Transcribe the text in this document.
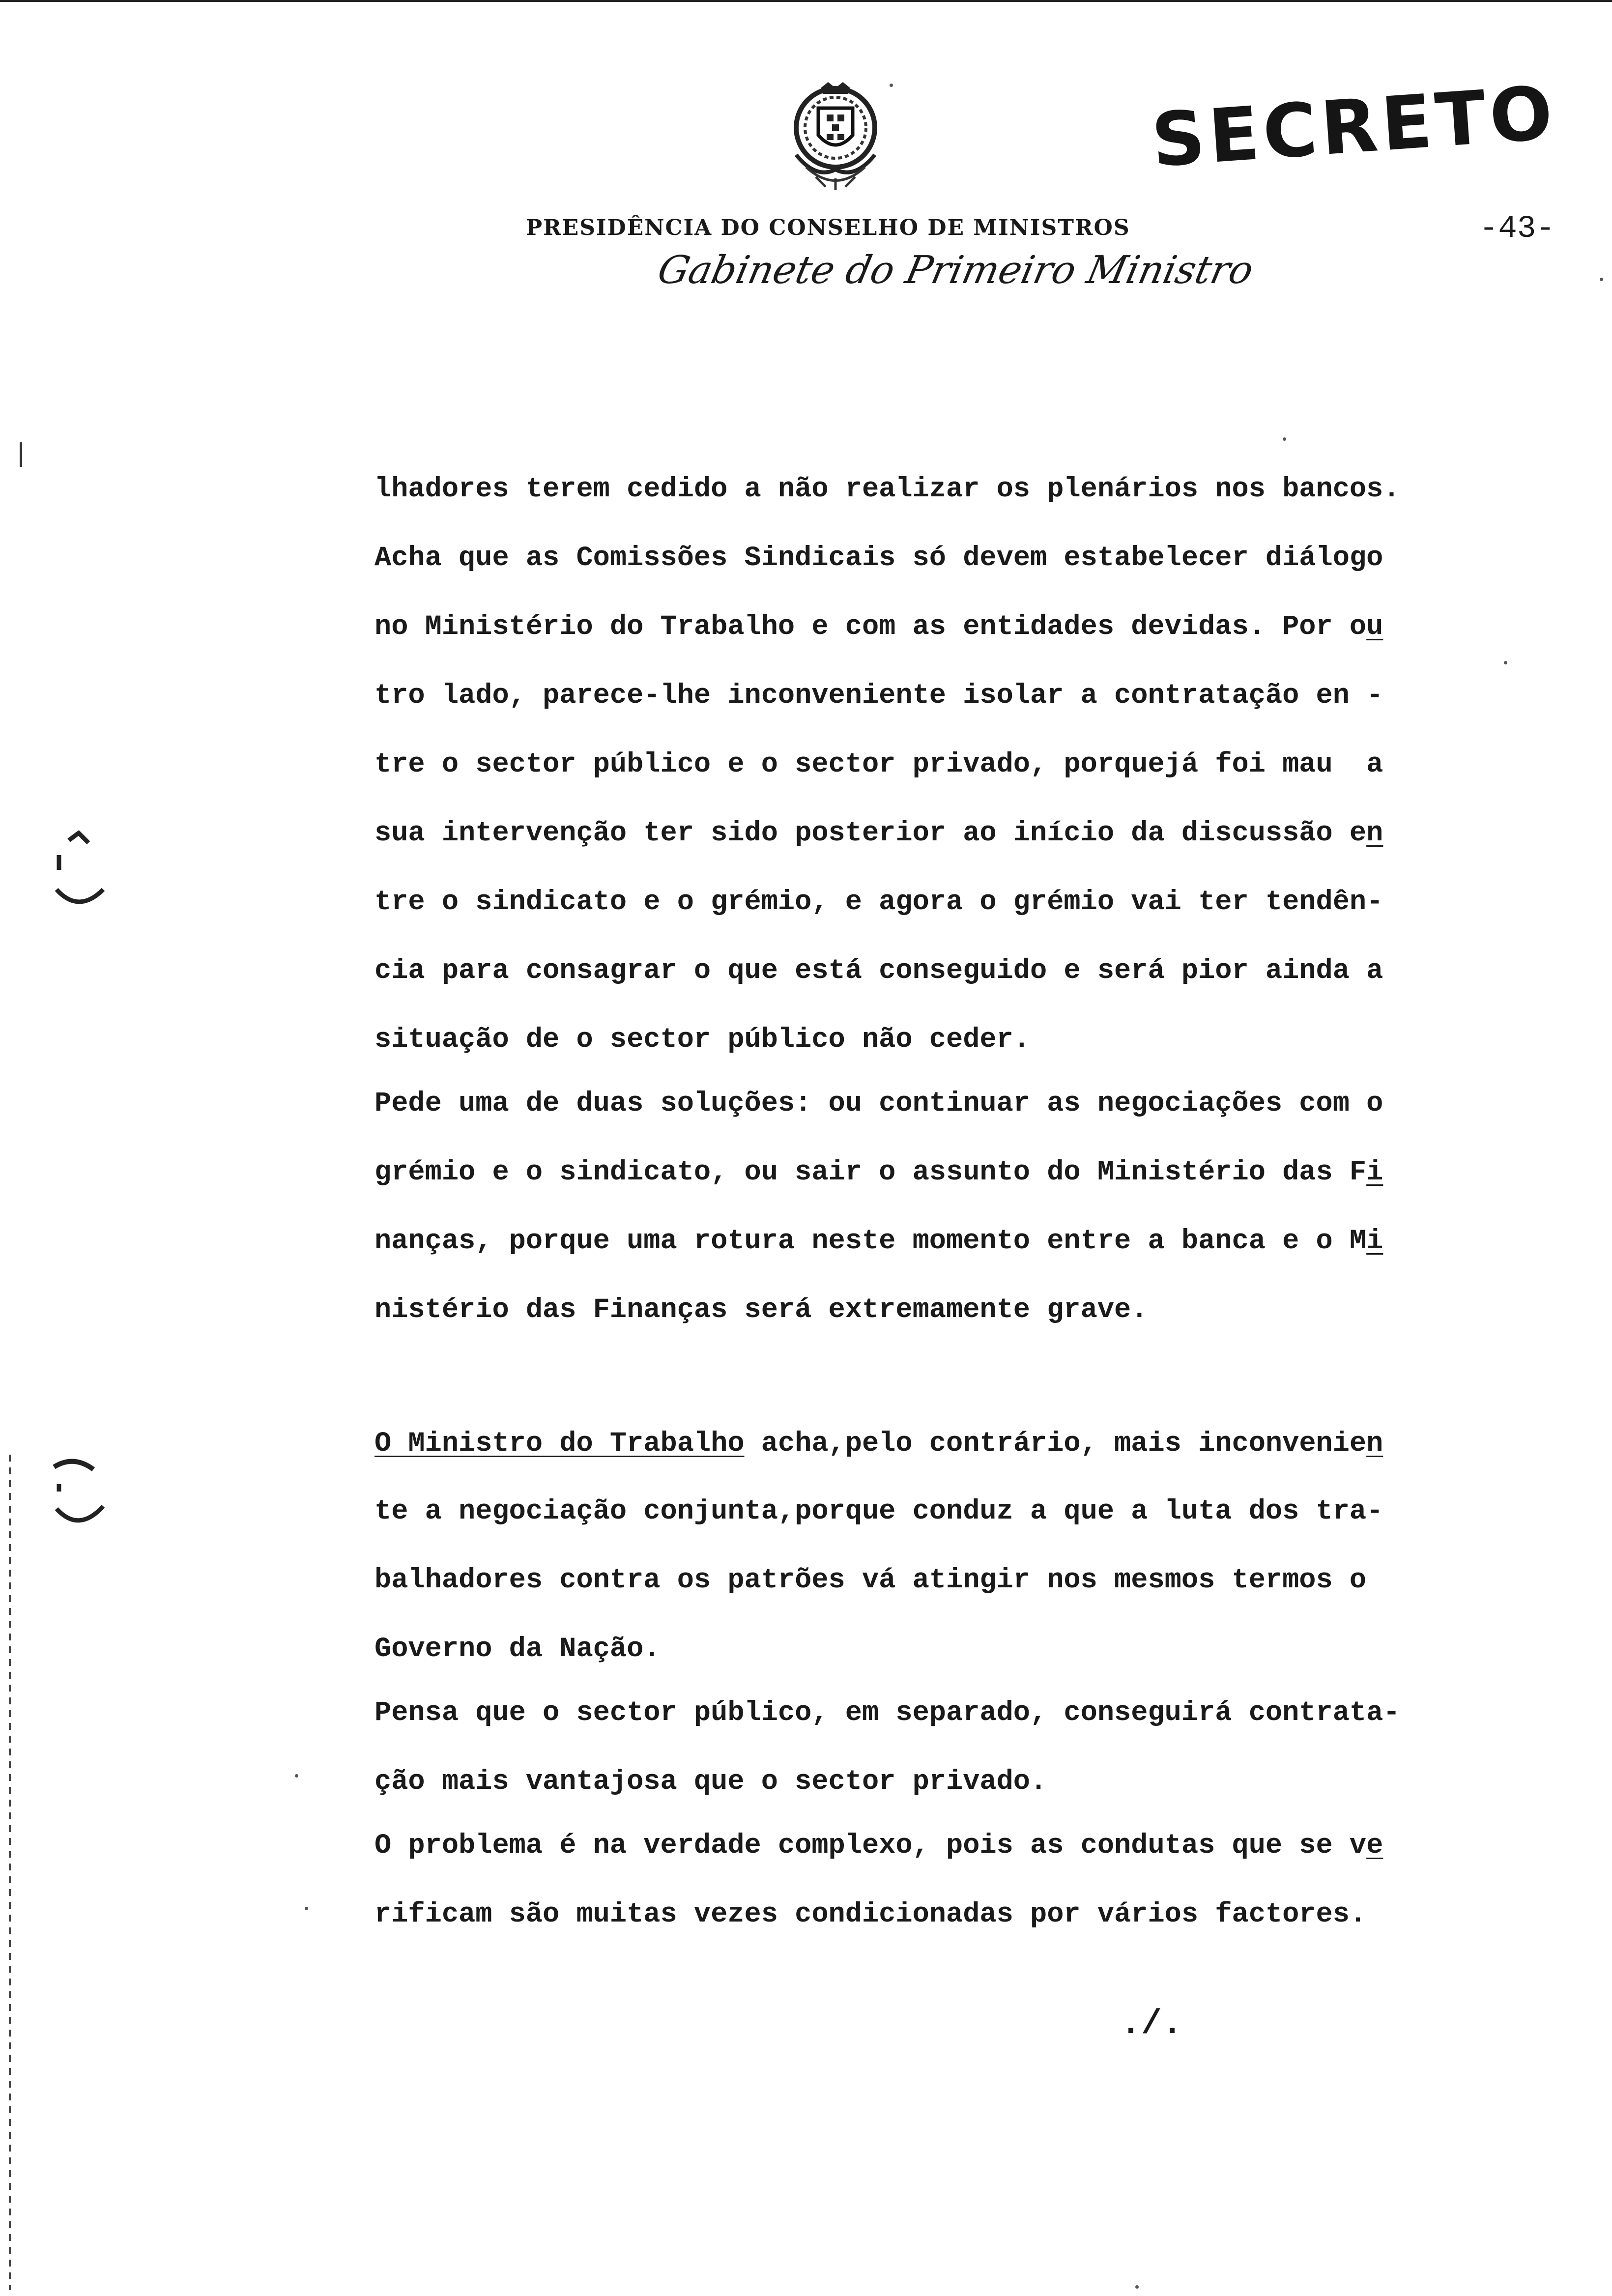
SECRETO
PRESIDÊNCIA DO CONSELHO DE MINISTROS
Gabinete do Primeiro Ministro
-43-
lhadores terem cedido a não realizar os plenários nos bancos.
Acha que as Comissões Sindicais só devem estabelecer diálogo
no Ministério do Trabalho e com as entidades devidas. Por ou
tro lado, parece-lhe inconveniente isolar a contratação en -
tre o sector público e o sector privado, porquejá foi mau  a
sua intervenção ter sido posterior ao início da discussão en
tre o sindicato e o grémio, e agora o grémio vai ter tendên-
cia para consagrar o que está conseguido e será pior ainda a
situação de o sector público não ceder.
Pede uma de duas soluções: ou continuar as negociações com o
grémio e o sindicato, ou sair o assunto do Ministério das Fi
nanças, porque uma rotura neste momento entre a banca e o Mi
nistério das Finanças será extremamente grave.
O Ministro do Trabalho acha,pelo contrário, mais inconvenien
te a negociação conjunta,porque conduz a que a luta dos tra-
balhadores contra os patrões vá atingir nos mesmos termos o
Governo da Nação.
Pensa que o sector público, em separado, conseguirá contrata-
ção mais vantajosa que o sector privado.
O problema é na verdade complexo, pois as condutas que se ve
rificam são muitas vezes condicionadas por vários factores.
./.
